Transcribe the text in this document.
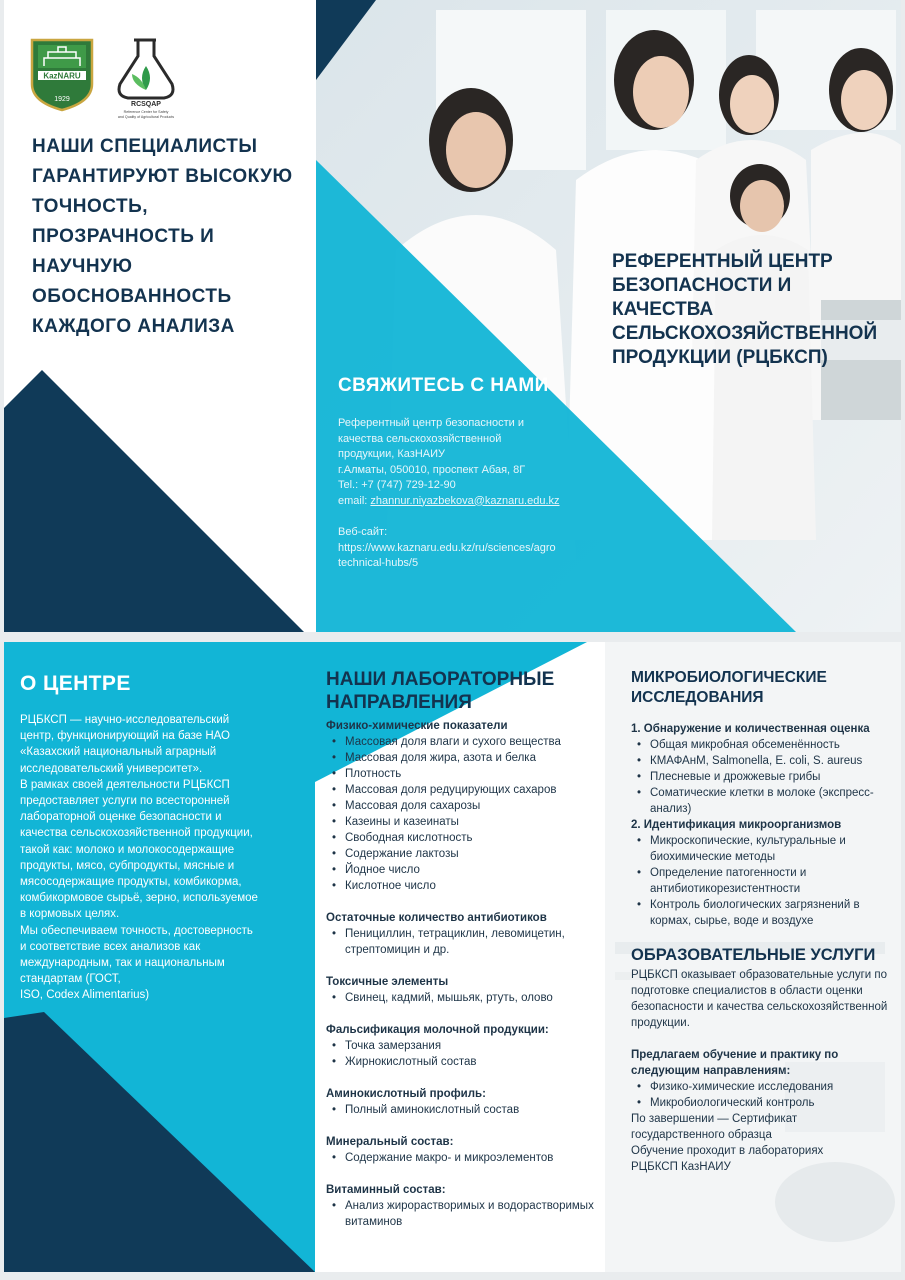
KazNARU
1929
RCSQAP
Reference Center for Safety
and Quality of Agricultural Products
НАШИ СПЕЦИАЛИСТЫ
ГАРАНТИРУЮТ ВЫСОКУЮ
ТОЧНОСТЬ,
ПРОЗРАЧНОСТЬ И
НАУЧНУЮ
ОБОСНОВАННОСТЬ
КАЖДОГО АНАЛИЗА
РЕФЕРЕНТНЫЙ ЦЕНТР
БЕЗОПАСНОСТИ И
КАЧЕСТВА
СЕЛЬСКОХОЗЯЙСТВЕННОЙ
ПРОДУКЦИИ (РЦБКСП)
СВЯЖИТЕСЬ С НАМИ

Референтный центр безопасности и

качества сельскохозяйственной

продукции, КазНАИУ

г.Алматы, 050010, проспект Абая, 8Г

Tel.: +7 (747) 729-12-90

email: zhannur.niyazbekova@kaznaru.edu.kz

Веб-сайт:

https://www.kaznaru.edu.kz/ru/sciences/agro

technical-hubs/5

О ЦЕНТРЕ

РЦБКСП — научно-исследовательский

центр, функционирующий на базе НАО

«Казахский национальный аграрный

исследовательский университет».

В рамках своей деятельности РЦБКСП

предоставляет услуги по всесторонней

лабораторной оценке безопасности и

качества сельскохозяйственной продукции,

такой как: молоко и молокосодержащие

продукты, мясо, субпродукты, мясные и

мясосодержащие продукты, комбикорма,

комбикормовое сырьё, зерно, используемое

в кормовых целях.

Мы обеспечиваем точность, достоверность

и соответствие всех анализов как

международным, так и национальным

стандартам (ГОСТ,

ISO, Codex Alimentarius)

НАШИ ЛАБОРАТОРНЫЕ
НАПРАВЛЕНИЯ

Физико-химические показатели

• Массовая доля влаги и сухого вещества
• Массовая доля жира, азота и белка
• Плотность
• Массовая доля редуцирующих сахаров
• Массовая доля сахарозы
• Казеины и казеинаты
• Свободная кислотность
• Содержание лактозы
• Йодное число
• Кислотное число

Остаточные количество антибиотиков

• Пенициллин, тетрациклин, левомицетин, стрептомицин и др.

Токсичные элементы

• Свинец, кадмий, мышьяк, ртуть, олово

Фальсификация молочной продукции:

• Точка замерзания
• Жирнокислотный состав

Аминокислотный профиль:

• Полный аминокислотный состав

Минеральный состав:

• Содержание макро- и микроэлементов

Витаминный состав:

• Анализ жирорастворимых и водорастворимых витаминов
МИКРОБИОЛОГИЧЕСКИЕ
ИССЛЕДОВАНИЯ

1. Обнаружение и количественная оценка

• Общая микробная обсеменённость
• КМАФАнМ, Salmonella, E. coli, S. aureus
• Плесневые и дрожжевые грибы
• Соматические клетки в молоке (экспресс-анализ)

2. Идентификация микроорганизмов

• Микроскопические, культуральные и биохимические методы
• Определение патогенности и антибиотикорезистентности
• Контроль биологических загрязнений в кормах, сырье, воде и воздухе
ОБРАЗОВАТЕЛЬНЫЕ УСЛУГИ

РЦБКСП оказывает образовательные услуги по подготовке специалистов в области оценки безопасности и качества сельскохозяйственной продукции.

Предлагаем обучение и практику по следующим направлениям:

• Физико-химические исследования
• Микробиологический контроль

По завершении — Сертификат

государственного образца

Обучение проходит в лабораториях

РЦБКСП КазНАИУ
